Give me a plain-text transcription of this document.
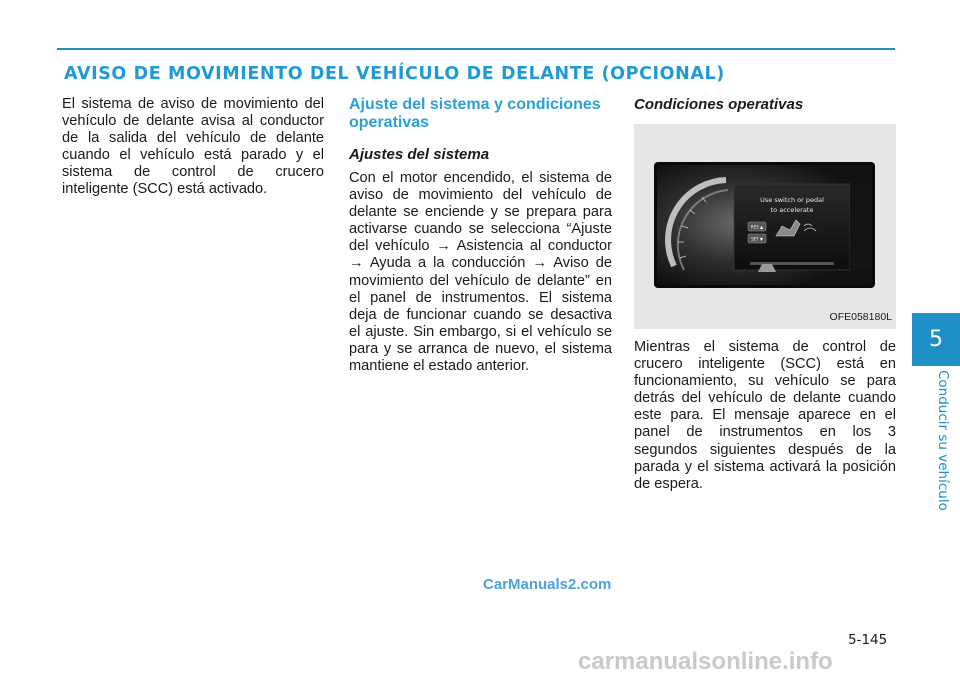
AVISO DE MOVIMIENTO DEL VEHÍCULO DE DELANTE (OPCIONAL)

El sistema de aviso de movimiento del vehículo de delante avisa al conductor de la salida del vehículo de delante cuando el vehículo está parado y el sistema de control de crucero inteligente (SCC) está activado.

Ajuste del sistema y condiciones operativas
Ajustes del sistema

Con el motor encendido, el sistema de aviso de movimiento del vehículo de delante se enciende y se prepara para activarse cuando se selecciona “Ajuste del vehículo → Asistencia al conductor → Ayuda a la conducción → Aviso de movimiento del vehículo de delante” en el panel de instrumentos. El sistema deja de funcionar cuando se desactiva el ajuste. Sin embargo, si el vehículo se para y se arranca de nuevo, el sistema mantiene el estado anterior.

Condiciones operativas
Use switch or pedal
to accelerate
RES ▲
SET ▼
OFE058180L

Mientras el sistema de control de crucero inteligente (SCC) está en funcionamiento, su vehículo se para detrás del vehículo de delante cuando este para. El mensaje aparece en el panel de instrumentos en los 3 segundos siguientes después de la parada y el sistema activará la posición de espera.

5
Conducir su vehículo
CarManuals2.com
5-145
carmanualsonline.info
